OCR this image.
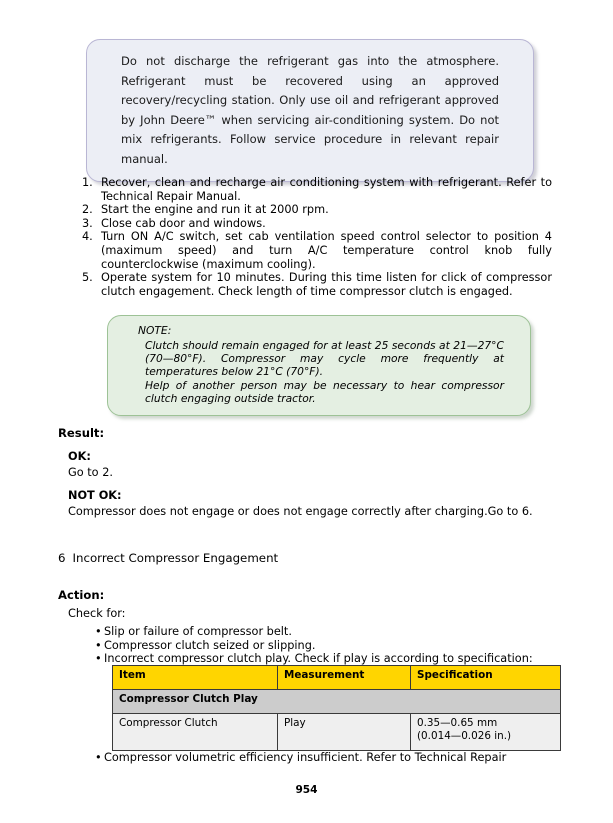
Do not discharge the refrigerant gas into the atmosphere. Refrigerant must be recovered using an approved recovery/recycling station. Only use oil and refrigerant approved by John Deere™ when servicing air-conditioning system. Do not mix refrigerants. Follow service procedure in relevant repair manual.
1. Recover, clean and recharge air conditioning system with refrigerant. Refer to Technical Repair Manual.
2. Start the engine and run it at 2000 rpm.
3. Close cab door and windows.
4. Turn ON A/C switch, set cab ventilation speed control selector to position 4 (maximum speed) and turn A/C temperature control knob fully counterclockwise (maximum cooling).
5. Operate system for 10 minutes. During this time listen for click of compressor clutch engagement. Check length of time compressor clutch is engaged.
NOTE:
Clutch should remain engaged for at least 25 seconds at 21—27°C (70—80°F). Compressor may cycle more frequently at temperatures below 21°C (70°F).
Help of another person may be necessary to hear compressor clutch engaging outside tractor.
Result:
OK:
Go to 2.
NOT OK:
Compressor does not engage or does not engage correctly after charging.Go to 6.
6 Incorrect Compressor Engagement
Action:
Check for:
• Slip or failure of compressor belt.
• Compressor clutch seized or slipping.
• Incorrect compressor clutch play. Check if play is according to specification:
Item	Measurement	Specification
Compressor Clutch Play		
Compressor Clutch	Play	0.35—0.65 mm
(0.014—0.026 in.)
• Compressor volumetric efficiency insufficient. Refer to Technical Repair
954
